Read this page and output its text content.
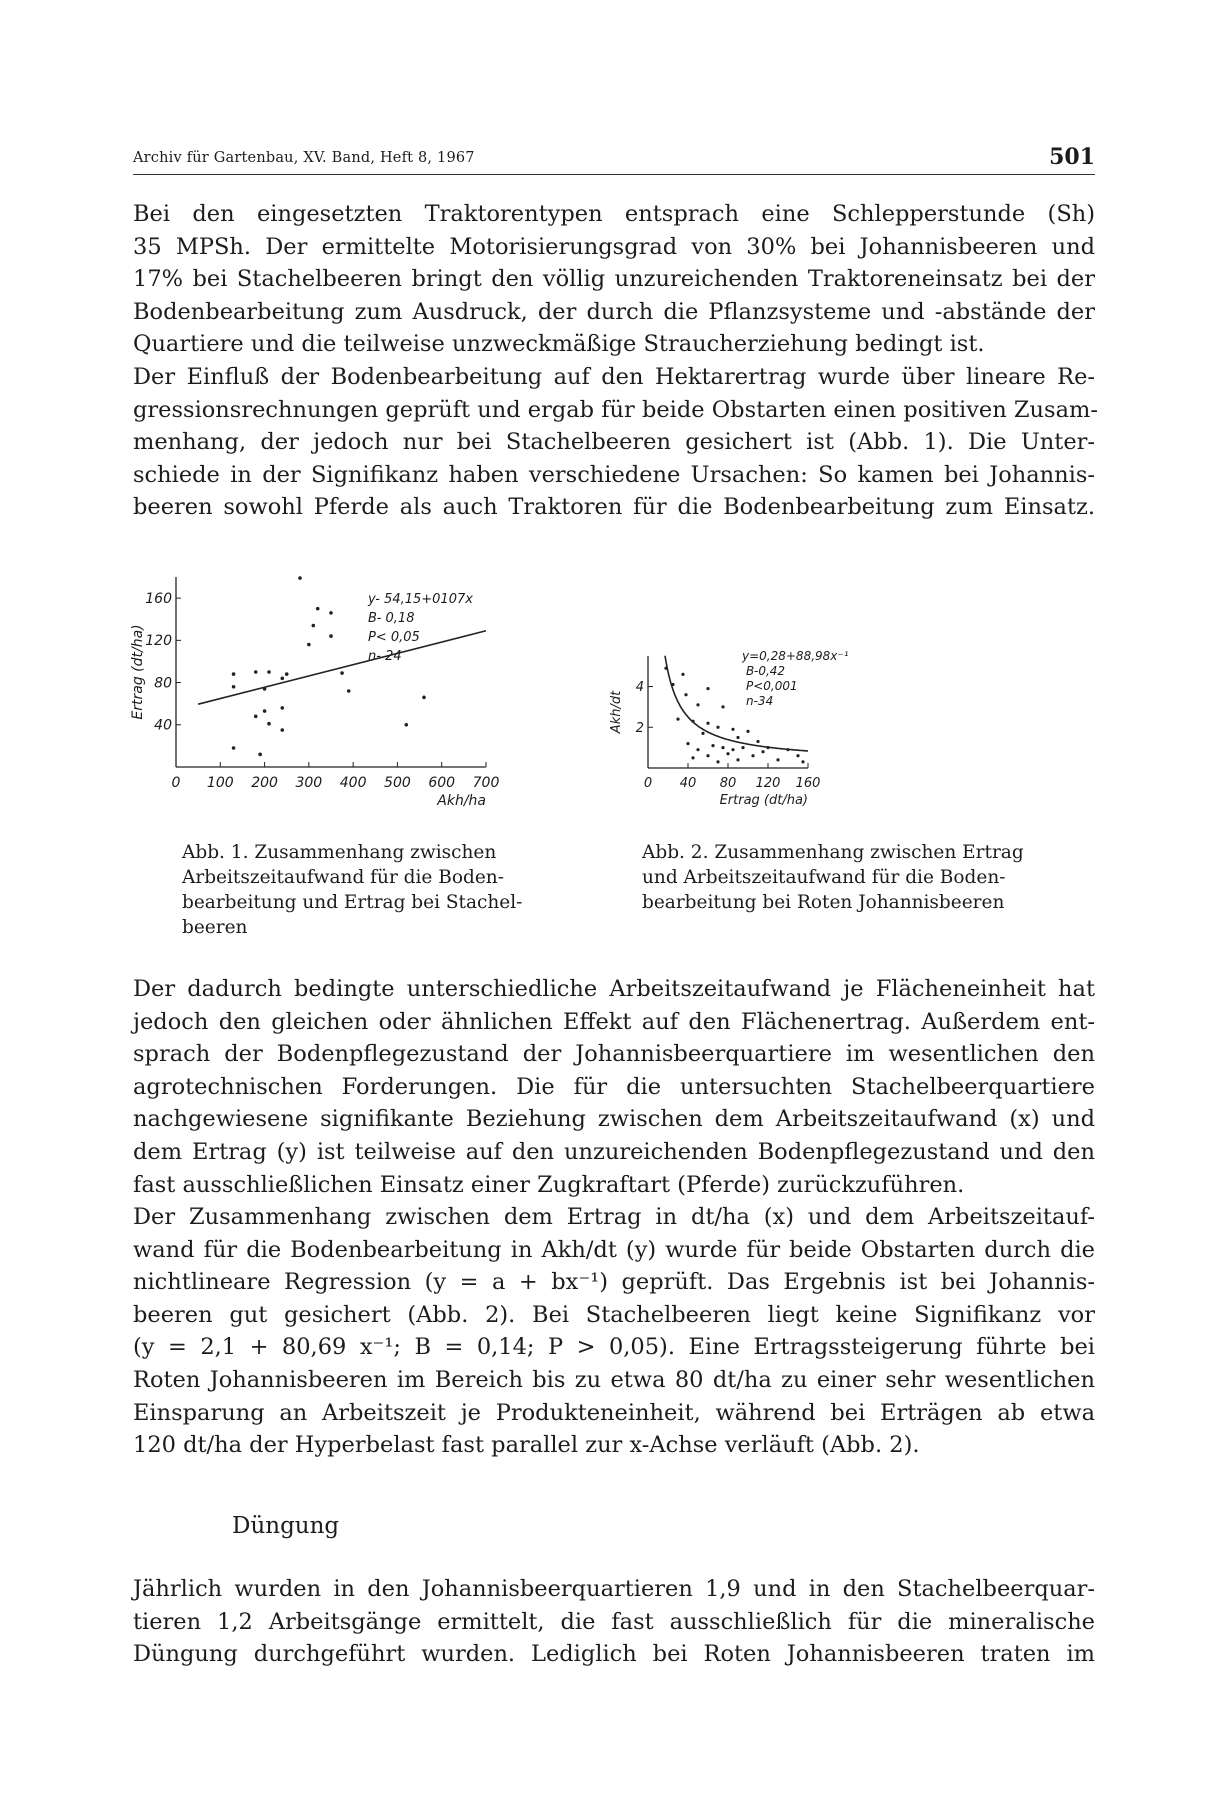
Archiv für Gartenbau, XV. Band, Heft 8, 1967	501
Bei den eingesetzten Traktorentypen entsprach eine Schlepperstunde (Sh)
35 MPSh. Der ermittelte Motorisierungsgrad von 30% bei Johannisbeeren und
17% bei Stachelbeeren bringt den völlig unzureichenden Traktoreneinsatz bei der
Bodenbearbeitung zum Ausdruck, der durch die Pflanzsysteme und -abstände der
Quartiere und die teilweise unzweckmäßige Straucherziehung bedingt ist.
Der Einfluß der Bodenbearbeitung auf den Hektarertrag wurde über lineare Re-
gressionsrechnungen geprüft und ergab für beide Obstarten einen positiven Zusam-
menhang, der jedoch nur bei Stachelbeeren gesichert ist (Abb. 1). Die Unter-
schiede in der Signifikanz haben verschiedene Ursachen: So kamen bei Johannis-
beeren sowohl Pferde als auch Traktoren für die Bodenbearbeitung zum Einsatz.
0 100 200 300 400 500 600 700
40
80
120
160
Akh/ha
Ertrag (dt/ha)
y- 54,15+0107x
B- 0,18
P< 0,05
n- 24
0 40 80 120 160
2
4
Ertrag (dt/ha)
Akh/dt
y=0,28+88,98x⁻¹
B-0,42
P<0,001
n-34
Abb. 1. Zusammenhang zwischen
Arbeitszeitaufwand für die Boden-
bearbeitung und Ertrag bei Stachel-
beeren
Abb. 2. Zusammenhang zwischen Ertrag
und Arbeitszeitaufwand für die Boden-
bearbeitung bei Roten Johannisbeeren
Der dadurch bedingte unterschiedliche Arbeitszeitaufwand je Flächeneinheit hat
jedoch den gleichen oder ähnlichen Effekt auf den Flächenertrag. Außerdem ent-
sprach der Bodenpflegezustand der Johannisbeerquartiere im wesentlichen den
agrotechnischen Forderungen. Die für die untersuchten Stachelbeerquartiere
nachgewiesene signifikante Beziehung zwischen dem Arbeitszeitaufwand (x) und
dem Ertrag (y) ist teilweise auf den unzureichenden Bodenpflegezustand und den
fast ausschließlichen Einsatz einer Zugkraftart (Pferde) zurückzuführen.
Der Zusammenhang zwischen dem Ertrag in dt/ha (x) und dem Arbeitszeitauf-
wand für die Bodenbearbeitung in Akh/dt (y) wurde für beide Obstarten durch die
nichtlineare Regression (y = a + bx⁻¹) geprüft. Das Ergebnis ist bei Johannis-
beeren gut gesichert (Abb. 2). Bei Stachelbeeren liegt keine Signifikanz vor
(y = 2,1 + 80,69 x⁻¹; B = 0,14; P > 0,05). Eine Ertragssteigerung führte bei
Roten Johannisbeeren im Bereich bis zu etwa 80 dt/ha zu einer sehr wesentlichen
Einsparung an Arbeitszeit je Produkteneinheit, während bei Erträgen ab etwa
120 dt/ha der Hyperbelast fast parallel zur x-Achse verläuft (Abb. 2).
Düngung
Jährlich wurden in den Johannisbeerquartieren 1,9 und in den Stachelbeerquar-
tieren 1,2 Arbeitsgänge ermittelt, die fast ausschließlich für die mineralische
Düngung durchgeführt wurden. Lediglich bei Roten Johannisbeeren traten im
